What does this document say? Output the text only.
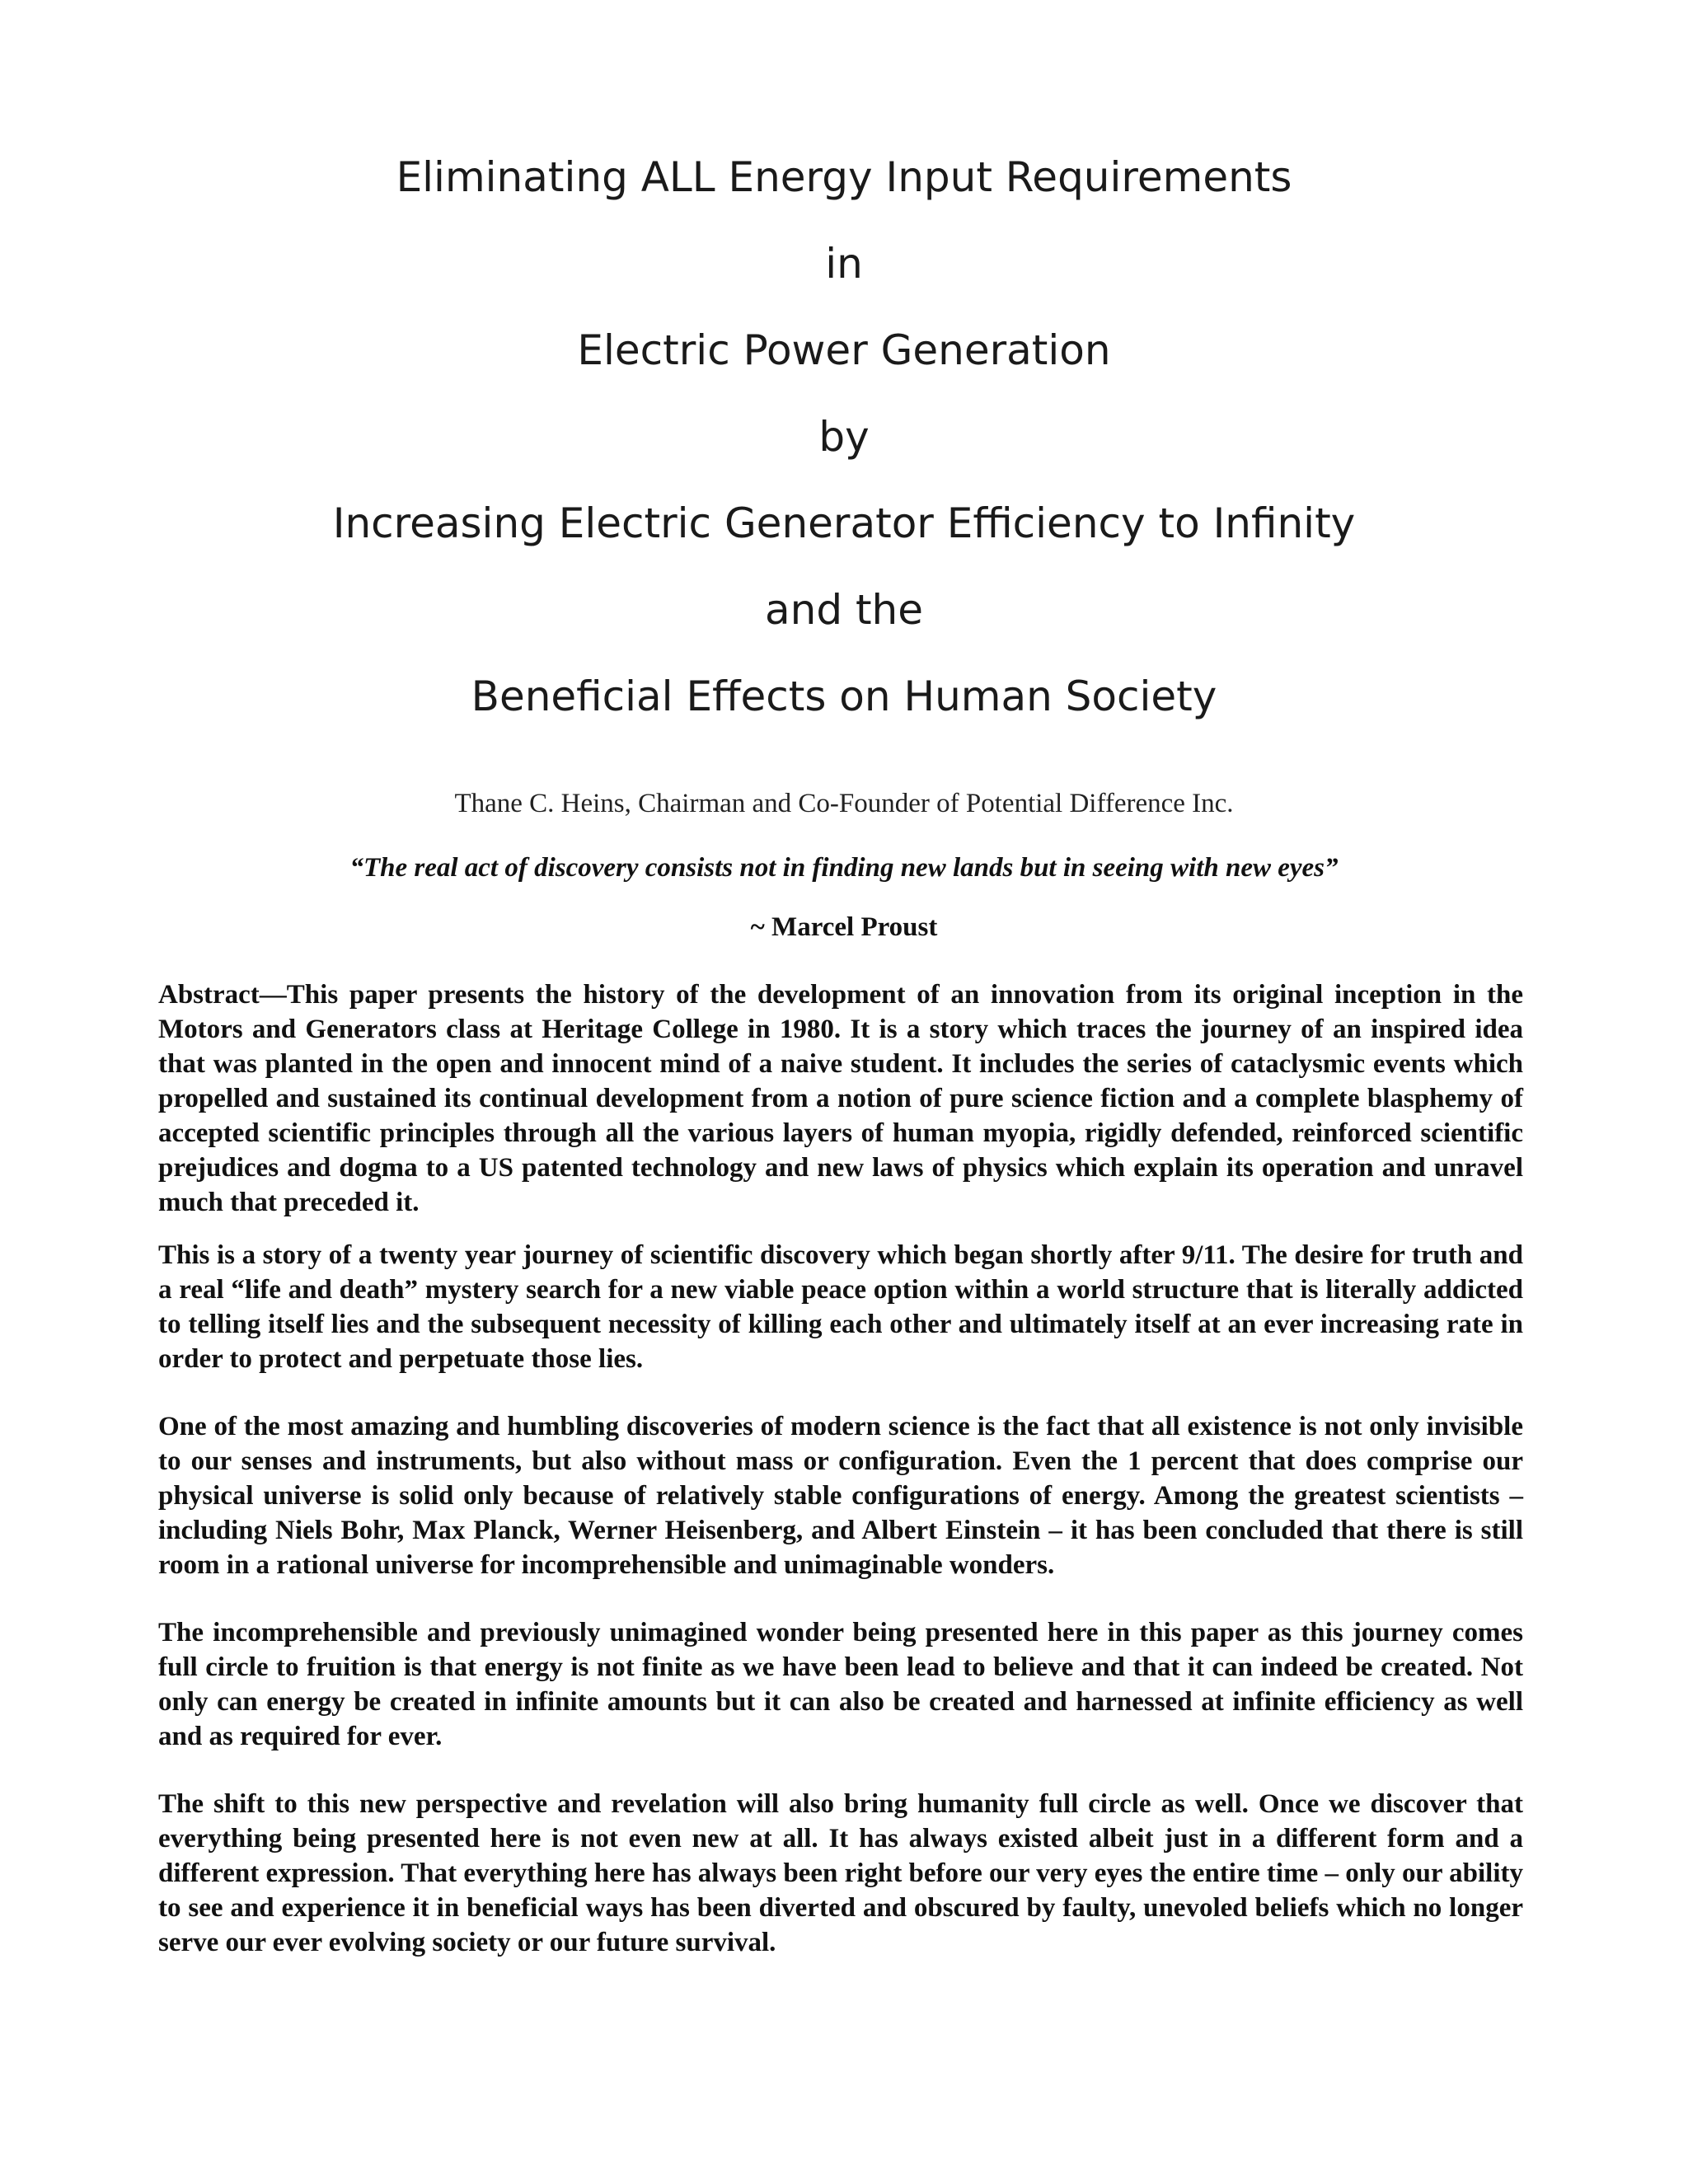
Eliminating ALL Energy Input Requirements
in
Electric Power Generation
by
Increasing Electric Generator Efficiency to Infinity
and the
Beneficial Effects on Human Society
Thane C. Heins, Chairman and Co-Founder of Potential Difference Inc.
“The real act of discovery consists not in finding new lands but in seeing with new eyes”
~ Marcel Proust

Abstract—This paper presents the history of the development of an innovation from its original inception in the Motors and Generators class at Heritage College in 1980. It is a story which traces the journey of an inspired idea that was planted in the open and innocent mind of a naive student. It includes the series of cataclysmic events which propelled and sustained its continual development from a notion of pure science fiction and a complete blasphemy of accepted scientific principles through all the various layers of human myopia, rigidly defended, reinforced scientific prejudices and dogma to a US patented technology and new laws of physics which explain its operation and unravel much that preceded it.

This is a story of a twenty year journey of scientific discovery which began shortly after 9/11. The desire for truth and a real “life and death” mystery search for a new viable peace option within a world structure that is literally addicted to telling itself lies and the subsequent necessity of killing each other and ultimately itself at an ever increasing rate in order to protect and perpetuate those lies.

One of the most amazing and humbling discoveries of modern science is the fact that all existence is not only invisible to our senses and instruments, but also without mass or configuration. Even the 1 percent that does comprise our physical universe is solid only because of relatively stable configurations of energy. Among the greatest scientists – including Niels Bohr, Max Planck, Werner Heisenberg, and Albert Einstein – it has been concluded that there is still room in a rational universe for incomprehensible and unimaginable wonders.

The incomprehensible and previously unimagined wonder being presented here in this paper as this journey comes full circle to fruition is that energy is not finite as we have been lead to believe and that it can indeed be created. Not only can energy be created in infinite amounts but it can also be created and harnessed at infinite efficiency as well and as required for ever.

The shift to this new perspective and revelation will also bring humanity full circle as well. Once we discover that everything being presented here is not even new at all. It has always existed albeit just in a different form and a different expression. That everything here has always been right before our very eyes the entire time – only our ability to see and experience it in beneficial ways has been diverted and obscured by faulty, unevoled beliefs which no longer serve our ever evolving society or our future survival.
